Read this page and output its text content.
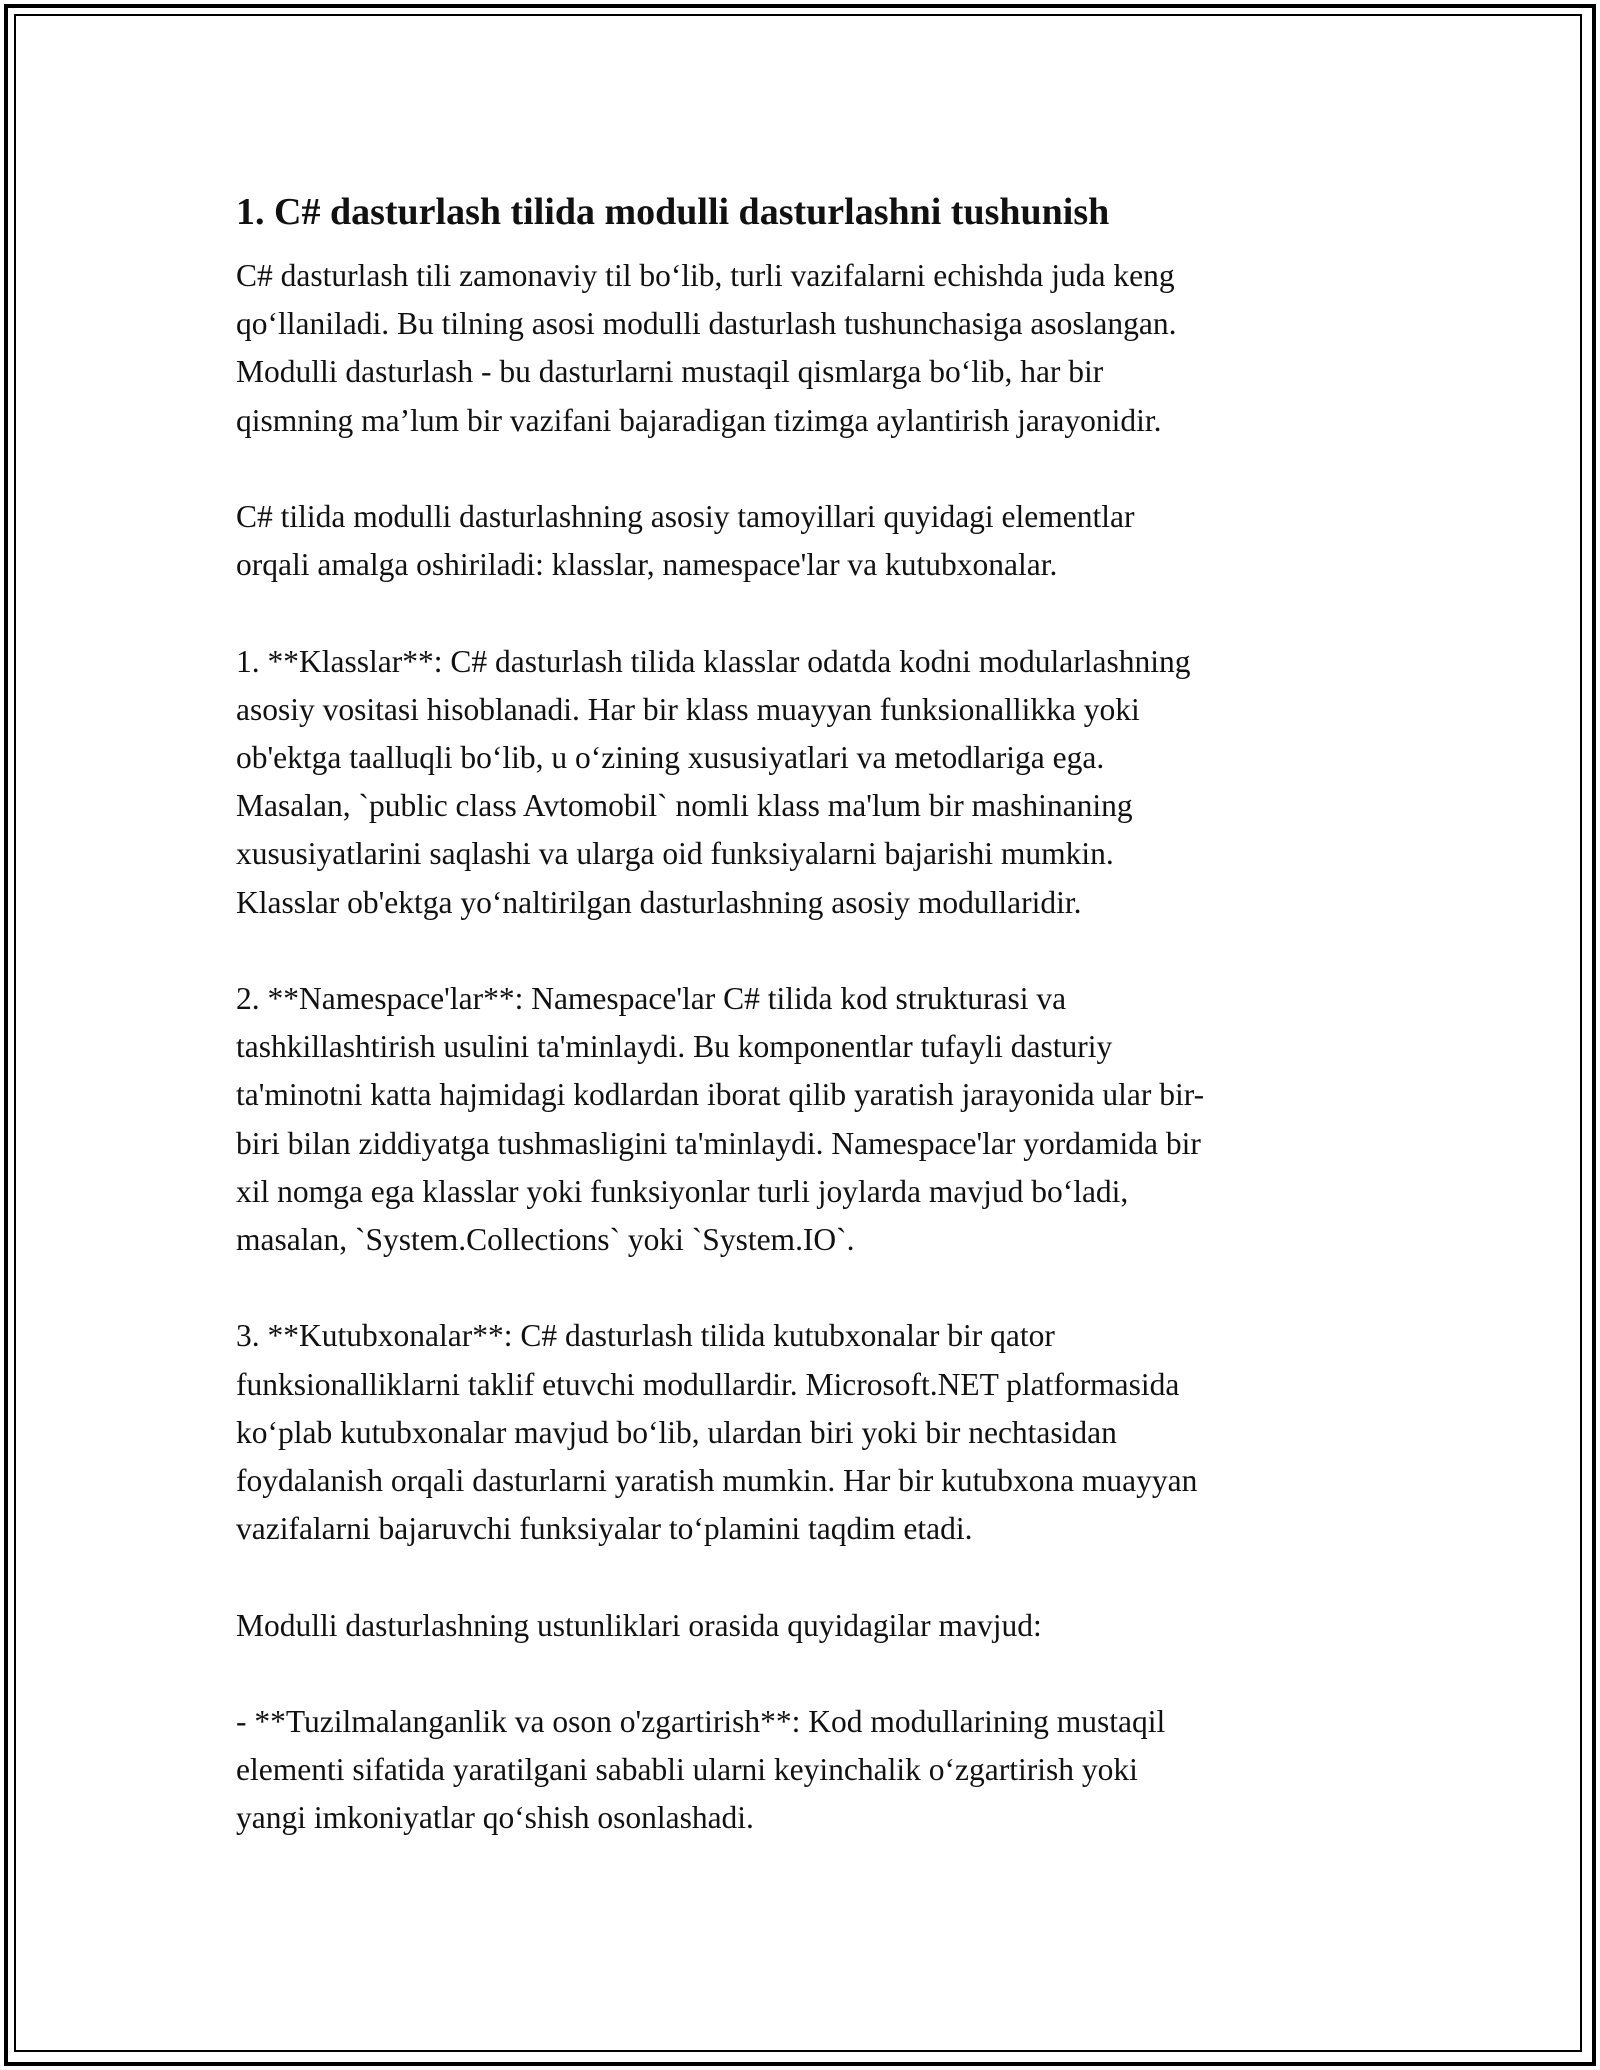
1. C# dasturlash tilida modulli dasturlashni tushunish

C# dasturlash tili zamonaviy til bo‘lib, turli vazifalarni echishda juda keng
qo‘llaniladi. Bu tilning asosi modulli dasturlash tushunchasiga asoslangan.
Modulli dasturlash - bu dasturlarni mustaqil qismlarga bo‘lib, har bir
qismning ma’lum bir vazifani bajaradigan tizimga aylantirish jarayonidir.

C# tilida modulli dasturlashning asosiy tamoyillari quyidagi elementlar
orqali amalga oshiriladi: klasslar, namespace'lar va kutubxonalar.

1. **Klasslar**: C# dasturlash tilida klasslar odatda kodni modularlashning
asosiy vositasi hisoblanadi. Har bir klass muayyan funksionallikka yoki
ob'ektga taalluqli bo‘lib, u o‘zining xususiyatlari va metodlariga ega.
Masalan, `public class Avtomobil` nomli klass ma'lum bir mashinaning
xususiyatlarini saqlashi va ularga oid funksiyalarni bajarishi mumkin.
Klasslar ob'ektga yo‘naltirilgan dasturlashning asosiy modullaridir.

2. **Namespace'lar**: Namespace'lar C# tilida kod strukturasi va
tashkillashtirish usulini ta'minlaydi. Bu komponentlar tufayli dasturiy
ta'minotni katta hajmidagi kodlardan iborat qilib yaratish jarayonida ular bir-
biri bilan ziddiyatga tushmasligini ta'minlaydi. Namespace'lar yordamida bir
xil nomga ega klasslar yoki funksiyonlar turli joylarda mavjud bo‘ladi,
masalan, `System.Collections` yoki `System.IO`.

3. **Kutubxonalar**: C# dasturlash tilida kutubxonalar bir qator
funksionalliklarni taklif etuvchi modullardir. Microsoft.NET platformasida
ko‘plab kutubxonalar mavjud bo‘lib, ulardan biri yoki bir nechtasidan
foydalanish orqali dasturlarni yaratish mumkin. Har bir kutubxona muayyan
vazifalarni bajaruvchi funksiyalar to‘plamini taqdim etadi.

Modulli dasturlashning ustunliklari orasida quyidagilar mavjud:

- **Tuzilmalanganlik va oson o'zgartirish**: Kod modullarining mustaqil
elementi sifatida yaratilgani sababli ularni keyinchalik o‘zgartirish yoki
yangi imkoniyatlar qo‘shish osonlashadi.
